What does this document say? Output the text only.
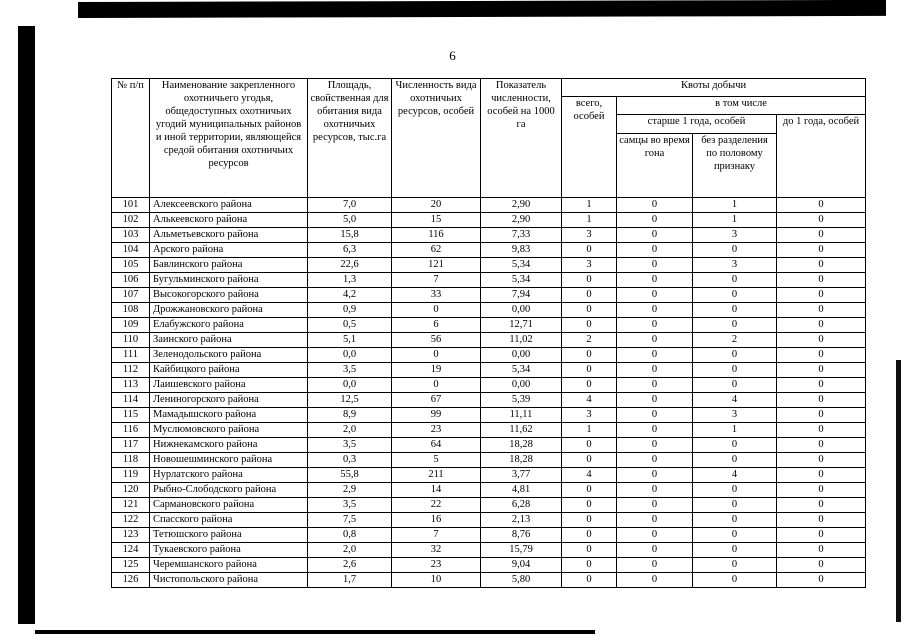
6
№ п/п	Наименование закрепленного охотничьего угодья, общедоступных охотничьих угодий муниципальных районов и иной территории, являющейся средой обитания охотничьих ресурсов	Площадь, свойственная для обитания вида охотничьих ресурсов, тыс.га	Численность вида охотничьих ресурсов, особей	Показатель численности, особей на 1000 га	Квоты добычи			
					всего, особей	в том числе		
						старше 1 года, особей		до 1 года, особей
						самцы во время гона	без разделения по половому признаку	
101	Алексеевского района	7,0	20	2,90	1	0	1	0
102	Алькеевского района	5,0	15	2,90	1	0	1	0
103	Альметьевского района	15,8	116	7,33	3	0	3	0
104	Арского района	6,3	62	9,83	0	0	0	0
105	Бавлинского района	22,6	121	5,34	3	0	3	0
106	Бугульминского района	1,3	7	5,34	0	0	0	0
107	Высокогорского района	4,2	33	7,94	0	0	0	0
108	Дрожжановского района	0,9	0	0,00	0	0	0	0
109	Елабужского района	0,5	6	12,71	0	0	0	0
110	Заинского района	5,1	56	11,02	2	0	2	0
111	Зеленодольского района	0,0	0	0,00	0	0	0	0
112	Кайбицкого района	3,5	19	5,34	0	0	0	0
113	Лаишевского района	0,0	0	0,00	0	0	0	0
114	Лениногорского района	12,5	67	5,39	4	0	4	0
115	Мамадышского района	8,9	99	11,11	3	0	3	0
116	Муслюмовского района	2,0	23	11,62	1	0	1	0
117	Нижнекамского района	3,5	64	18,28	0	0	0	0
118	Новошешминского района	0,3	5	18,28	0	0	0	0
119	Нурлатского района	55,8	211	3,77	4	0	4	0
120	Рыбно-Слободского района	2,9	14	4,81	0	0	0	0
121	Сармановского района	3,5	22	6,28	0	0	0	0
122	Спасского района	7,5	16	2,13	0	0	0	0
123	Тетюшского района	0,8	7	8,76	0	0	0	0
124	Тукаевского района	2,0	32	15,79	0	0	0	0
125	Черемшанского района	2,6	23	9,04	0	0	0	0
126	Чистопольского района	1,7	10	5,80	0	0	0	0
